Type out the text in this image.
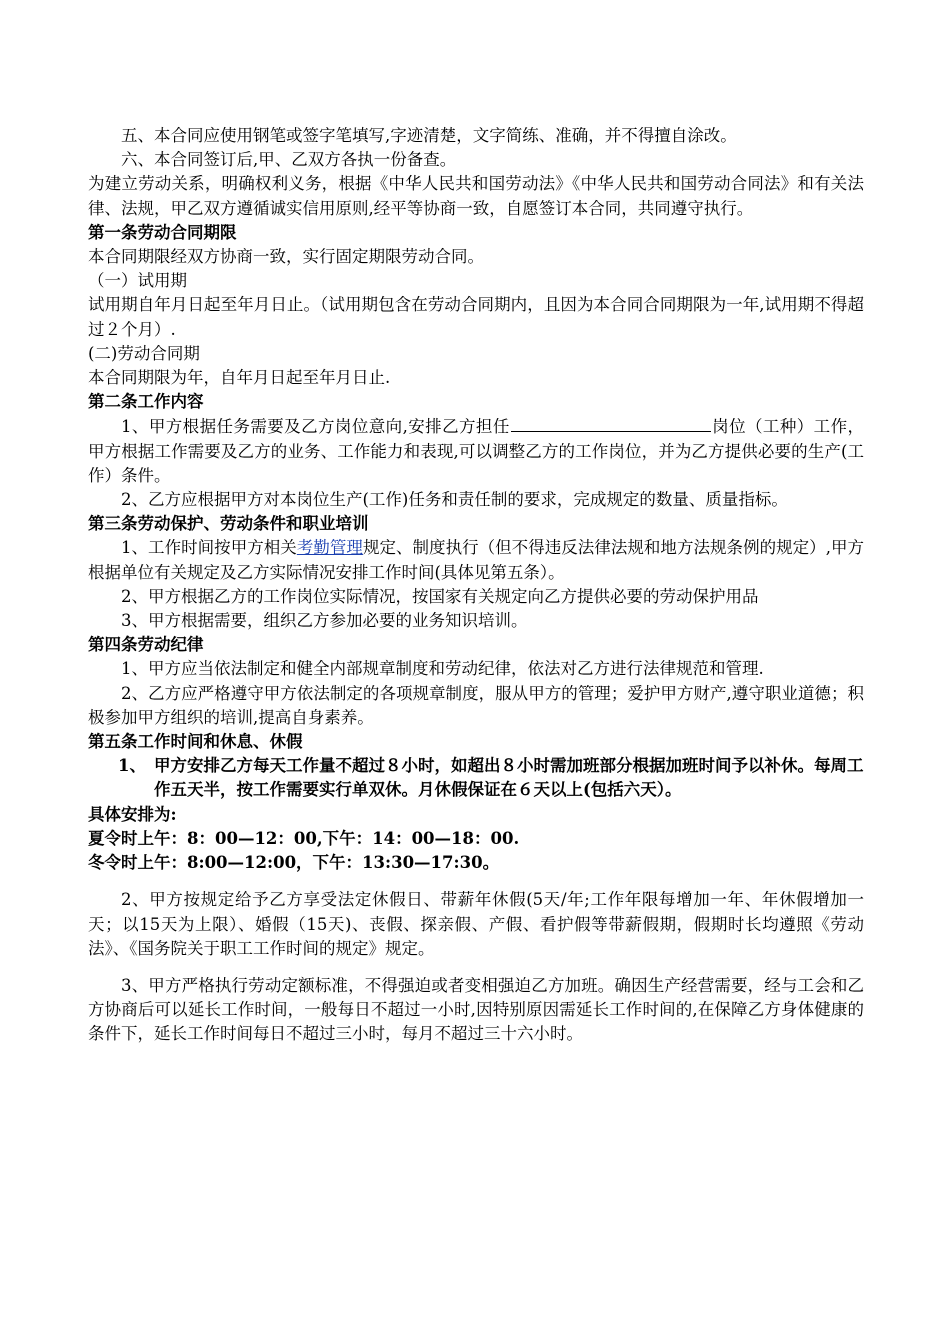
五、本合同应使用钢笔或签字笔填写,字迹清楚，文字简练、准确，并不得擅自涂改。

六、本合同签订后,甲、乙双方各执一份备查。

为建立劳动关系，明确权利义务，根据《中华人民共和国劳动法》《中华人民共和国劳动合同法》和有关法律、法规，甲乙双方遵循诚实信用原则,经平等协商一致，自愿签订本合同，共同遵守执行。

第一条劳动合同期限

本合同期限经双方协商一致，实行固定期限劳动合同。

（一）试用期

试用期自年月日起至年月日止。（试用期包含在劳动合同期内，且因为本合同合同期限为一年,试用期不得超过２个月）.

(二)劳动合同期

本合同期限为年，自年月日起至年月日止.

第二条工作内容

1、甲方根据任务需要及乙方岗位意向,安排乙方担任	岗位（工种）工作，甲方根据工作需要及乙方的业务、工作能力和表现,可以调整乙方的工作岗位，并为乙方提供必要的生产(工作）条件。

2、乙方应根据甲方对本岗位生产(工作)任务和责任制的要求，完成规定的数量、质量指标。

第三条劳动保护、劳动条件和职业培训

1、工作时间按甲方相关考勤管理规定、制度执行（但不得违反法律法规和地方法规条例的规定）,甲方根据单位有关规定及乙方实际情况安排工作时间(具体见第五条）。

2、甲方根据乙方的工作岗位实际情况，按国家有关规定向乙方提供必要的劳动保护用品

3、甲方根据需要，组织乙方参加必要的业务知识培训。

第四条劳动纪律

1、甲方应当依法制定和健全内部规章制度和劳动纪律，依法对乙方进行法律规范和管理.

2、乙方应严格遵守甲方依法制定的各项规章制度，服从甲方的管理；爱护甲方财产,遵守职业道德；积极参加甲方组织的培训,提高自身素养。

第五条工作时间和休息、休假

1、 甲方安排乙方每天工作量不超过８小时，如超出８小时需加班部分根据加班时间予以补休。每周工作五天半，按工作需要实行单双休。月休假保证在６天以上(包括六天）。

具体安排为:

夏令时上午：8：00—12：00,下午：14：00—18：00.

冬令时上午：8:00—12:00，下午：13:30—17:30。

2、甲方按规定给予乙方享受法定休假日、带薪年休假(5天/年;工作年限每增加一年、年休假增加一天；以15天为上限）、婚假（15天)、丧假、探亲假、产假、看护假等带薪假期，假期时长均遵照《劳动法》、《国务院关于职工工作时间的规定》规定。

3、甲方严格执行劳动定额标准，不得强迫或者变相强迫乙方加班。确因生产经营需要，经与工会和乙方协商后可以延长工作时间，一般每日不超过一小时,因特别原因需延长工作时间的,在保障乙方身体健康的条件下，延长工作时间每日不超过三小时，每月不超过三十六小时。
